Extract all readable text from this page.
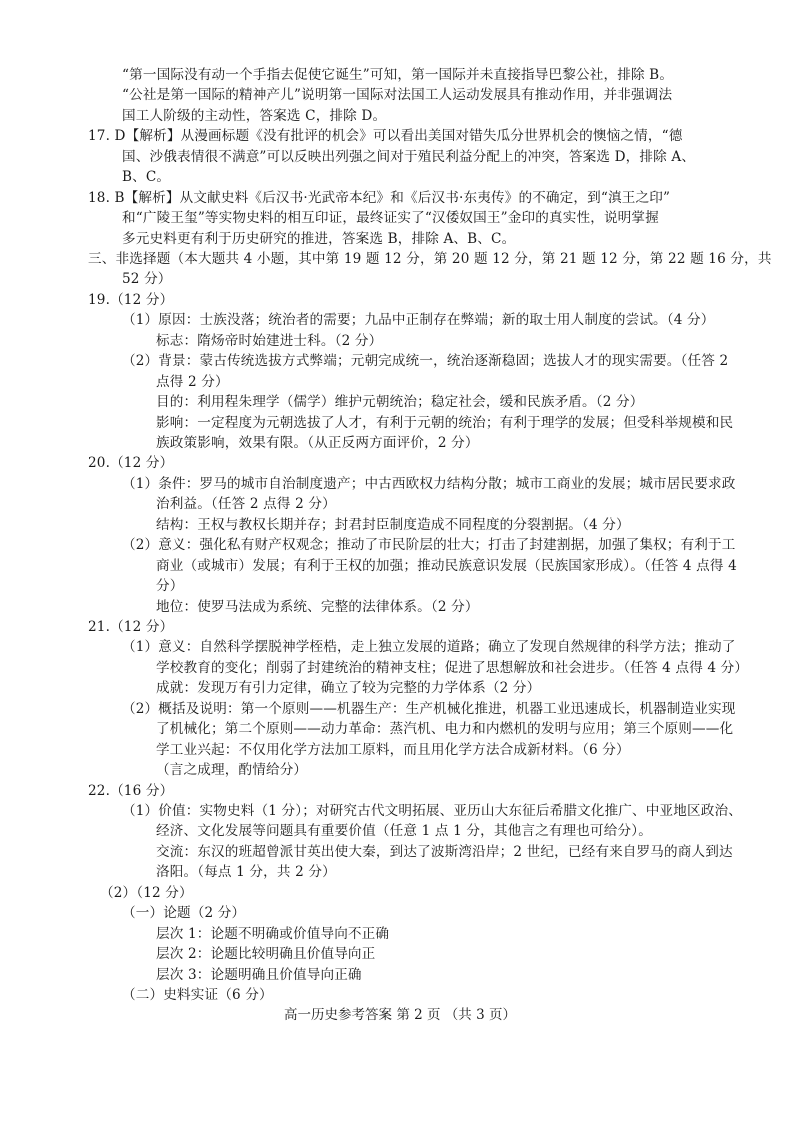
“第一国际没有动一个手指去促使它诞生”可知，第一国际并未直接指导巴黎公社，排除 B。
“公社是第一国际的精神产儿”说明第一国际对法国工人运动发展具有推动作用，并非强调法
国工人阶级的主动性，答案选 C，排除 D。
17. D【解析】从漫画标题《没有批评的机会》可以看出美国对错失瓜分世界机会的懊恼之情，“德
国、沙俄表情很不满意”可以反映出列强之间对于殖民利益分配上的冲突，答案选 D，排除 A、
B、C。
18. B【解析】从文献史料《后汉书·光武帝本纪》和《后汉书·东夷传》的不确定，到“滇王之印”
和“广陵王玺”等实物史料的相互印证，最终证实了“汉倭奴国王”金印的真实性，说明掌握
多元史料更有利于历史研究的推进，答案选 B，排除 A、B、C。
三、非选择题（本大题共 4 小题，其中第 19 题 12 分，第 20 题 12 分，第 21 题 12 分，第 22 题 16 分，共
52 分）
19.（12 分）
（1）原因：士族没落；统治者的需要；九品中正制存在弊端；新的取士用人制度的尝试。（4 分）
标志：隋炀帝时始建进士科。（2 分）
（2）背景：蒙古传统选拔方式弊端；元朝完成统一，统治逐渐稳固；选拔人才的现实需要。（任答 2
点得 2 分）
目的：利用程朱理学（儒学）维护元朝统治；稳定社会，缓和民族矛盾。（2 分）
影响：一定程度为元朝选拔了人才，有利于元朝的统治；有利于理学的发展；但受科举规模和民
族政策影响，效果有限。（从正反两方面评价，2 分）
20.（12 分）
（1）条件：罗马的城市自治制度遗产；中古西欧权力结构分散；城市工商业的发展；城市居民要求政
治利益。（任答 2 点得 2 分）
结构：王权与教权长期并存；封君封臣制度造成不同程度的分裂割据。（4 分）
（2）意义：强化私有财产权观念；推动了市民阶层的壮大；打击了封建割据，加强了集权；有利于工
商业（或城市）发展；有利于王权的加强；推动民族意识发展（民族国家形成）。（任答 4 点得 4
分）
地位：使罗马法成为系统、完整的法律体系。（2 分）
21.（12 分）
（1）意义：自然科学摆脱神学桎梏，走上独立发展的道路；确立了发现自然规律的科学方法；推动了
学校教育的变化；削弱了封建统治的精神支柱；促进了思想解放和社会进步。（任答 4 点得 4 分）
成就：发现万有引力定律，确立了较为完整的力学体系（2 分）
（2）概括及说明：第一个原则——机器生产：生产机械化推进，机器工业迅速成长，机器制造业实现
了机械化；第二个原则——动力革命：蒸汽机、电力和内燃机的发明与应用；第三个原则——化
学工业兴起：不仅用化学方法加工原料，而且用化学方法合成新材料。（6 分）
（言之成理，酌情给分）
22.（16 分）
（1）价值：实物史料（1 分）；对研究古代文明拓展、亚历山大东征后希腊文化推广、中亚地区政治、
经济、文化发展等问题具有重要价值（任意 1 点 1 分，其他言之有理也可给分）。
交流：东汉的班超曾派甘英出使大秦，到达了波斯湾沿岸；2 世纪，已经有来自罗马的商人到达
洛阳。（每点 1 分，共 2 分）
（2）（12 分）
（一）论题（2 分）
层次 1：论题不明确或价值导向不正确
层次 2：论题比较明确且价值导向正
层次 3：论题明确且价值导向正确
（二）史料实证（6 分）
高一历史参考答案 第 2 页 （共 3 页）
